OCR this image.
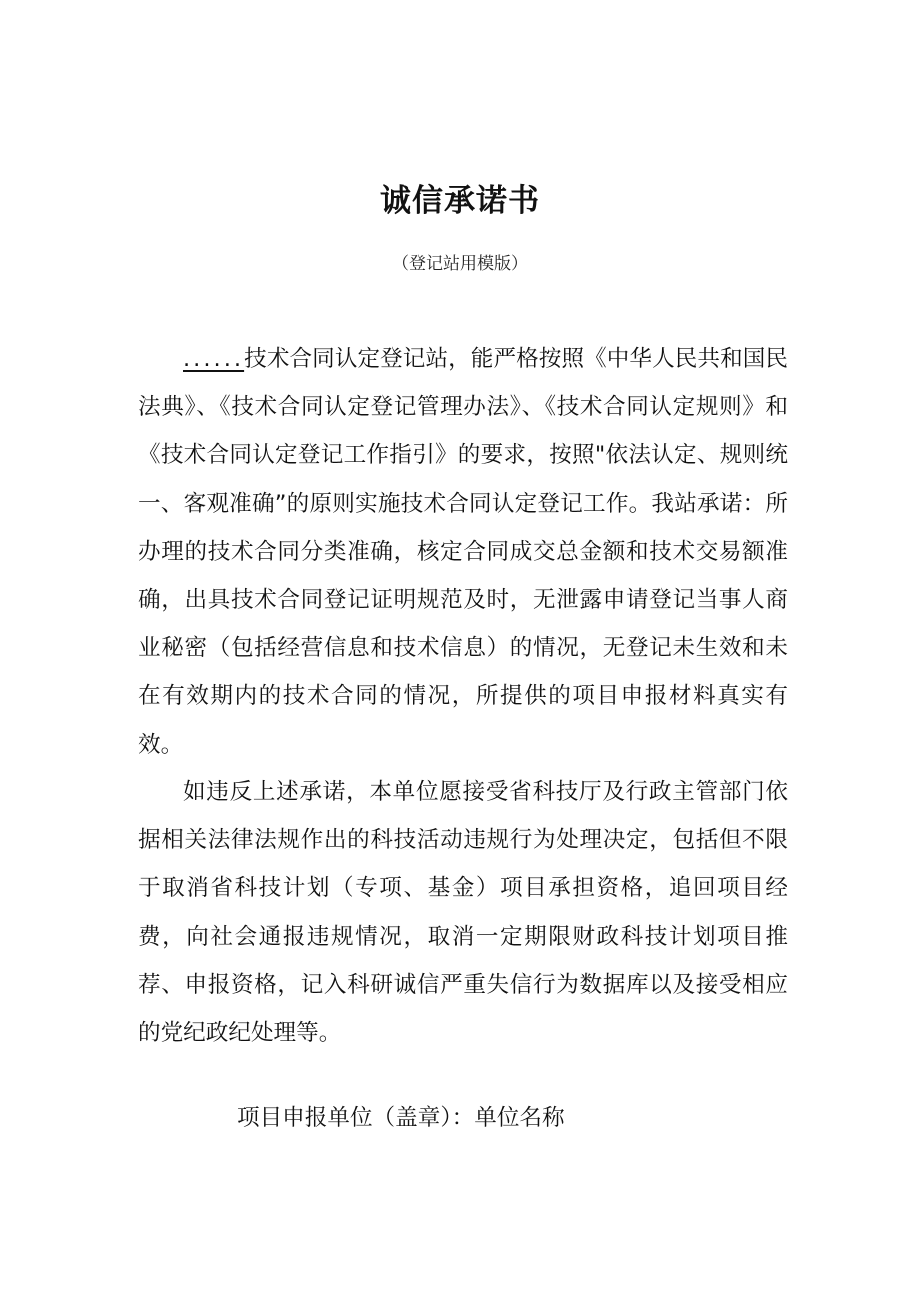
诚信承诺书
（登记站用模版）

......技术合同认定登记站，能严格按照《中华人民共和国民法典》、《技术合同认定登记管理办法》、《技术合同认定规则》和《技术合同认定登记工作指引》的要求，按照"依法认定、规则统一、客观准确”的原则实施技术合同认定登记工作。我站承诺：所办理的技术合同分类准确，核定合同成交总金额和技术交易额准确，出具技术合同登记证明规范及时，无泄露申请登记当事人商业秘密（包括经营信息和技术信息）的情况，无登记未生效和未在有效期内的技术合同的情况，所提供的项目申报材料真实有效。

如违反上述承诺，本单位愿接受省科技厅及行政主管部门依据相关法律法规作出的科技活动违规行为处理决定，包括但不限于取消省科技计划（专项、基金）项目承担资格，追回项目经费，向社会通报违规情况，取消一定期限财政科技计划项目推荐、申报资格，记入科研诚信严重失信行为数据库以及接受相应的党纪政纪处理等。

项目申报单位（盖章）：单位名称
